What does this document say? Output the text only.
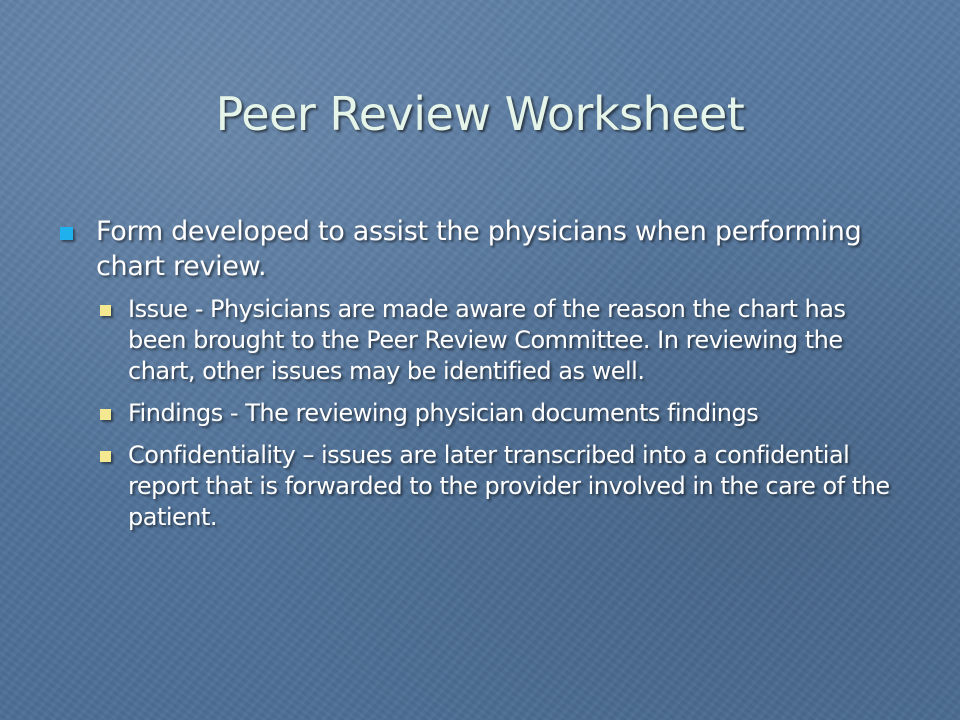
Peer Review Worksheet
Form developed to assist the physicians when performing chart review.
Issue - Physicians are made aware of the reason the chart has been brought to the Peer Review Committee. In reviewing the chart, other issues may be identified as well.
Findings - The reviewing physician documents findings
Confidentiality – issues are later transcribed into a confidential report that is forwarded to the provider involved in the care of the patient.
